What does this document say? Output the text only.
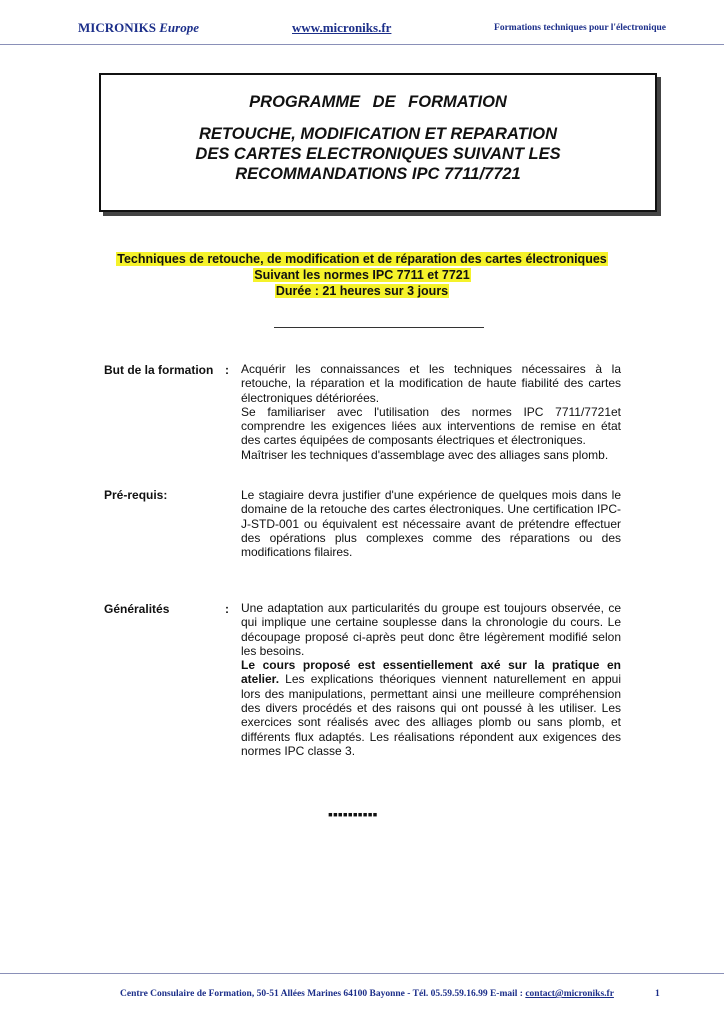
MICRONIKS Europe	www.microniks.fr	Formations techniques pour l'électronique
PROGRAMME DE FORMATION
RETOUCHE, MODIFICATION ET REPARATION
DES CARTES ELECTRONIQUES SUIVANT LES
RECOMMANDATIONS IPC 7711/7721
Techniques de retouche, de modification et de réparation des cartes électroniques
Suivant les normes IPC 7711 et 7721
Durée : 21 heures sur 3 jours
But de la formation : Acquérir les connaissances et les techniques nécessaires à la retouche, la réparation et la modification de haute fiabilité des cartes électroniques détériorées.

Se familiariser avec l'utilisation des normes IPC 7711/7721et comprendre les exigences liées aux interventions de remise en état des cartes équipées de composants électriques et électroniques.

Maîtriser les techniques d'assemblage avec des alliages sans plomb.

Pré-requis:	Le stagiaire devra justifier d'une expérience de quelques mois dans le domaine de la retouche des cartes électroniques. Une certification IPC- J-STD-001 ou équivalent est nécessaire avant de prétendre effectuer des opérations plus complexes comme des réparations ou des modifications filaires.

Généralités	: Une adaptation aux particularités du groupe est toujours observée, ce qui implique une certaine souplesse dans la chronologie du cours. Le découpage proposé ci-après peut donc être légèrement modifié selon les besoins.

Le cours proposé est essentiellement axé sur la pratique en atelier. Les explications théoriques viennent naturellement en appui lors des manipulations, permettant ainsi une meilleure compréhension des divers procédés et des raisons qui ont poussé à les utiliser. Les exercices sont réalisés avec des alliages plomb ou sans plomb, et différents flux adaptés. Les réalisations répondent aux exigences des normes IPC classe 3.

▪▪▪▪▪▪▪▪▪▪
Centre Consulaire de Formation, 50-51 Allées Marines 64100 Bayonne - Tél. 05.59.59.16.99 E-mail : contact@microniks.fr	1
